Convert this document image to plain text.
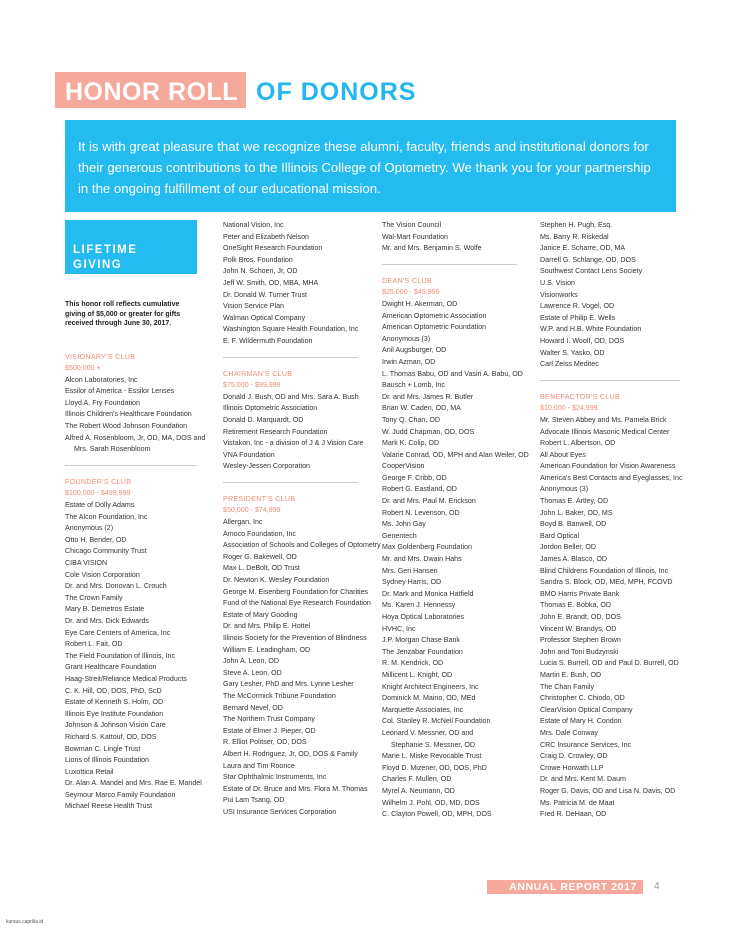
HONOR ROLL OF DONORS
It is with great pleasure that we recognize these alumni, faculty, friends and institutional donors for their generous contributions to the Illinois College of Optometry. We thank you for your partnership in the ongoing fulfillment of our educational mission.
LIFETIME
GIVING
This honor roll reflects cumulative giving of $5,000 or greater for gifts received through June 30, 2017.
VISIONARY'S CLUB
$500,000 +
Alcon Laboratories, Inc
Essilor of America - Essilor Lenses
Lloyd A. Fry Foundation
Illinois Children's Healthcare Foundation
The Robert Wood Johnson Foundation
Alfred A. Rosenbloom, Jr, OD, MA, DOS and
Mrs. Sarah Rosenbloom
FOUNDER'S CLUB
$100,000 - $499,999
Estate of Dolly Adams
The Alcon Foundation, Inc
Anonymous (2)
Otto H. Bender, OD
Chicago Community Trust
CIBA VISION
Cole Vision Corporation
Dr. and Mrs. Donovan L. Crouch
The Crown Family
Mary B. Demetros Estate
Dr. and Mrs. Dick Edwards
Eye Care Centers of America, Inc
Robert L. Fait, OD
The Field Foundation of Illinois, Inc
Grant Healthcare Foundation
Haag-Streit/Reliance Medical Products
C. K. Hill, OD, DOS, PhD, ScD
Estate of Kenneth S. Holm, OD
Illinois Eye Institute Foundation
Johnson & Johnson Vision Care
Richard S. Kattouf, OD, DOS
Bowman C. Lingle Trust
Lions of Illinois Foundation
Luxottica Retail
Dr. Alan A. Mandel and Mrs. Rae E. Mandel
Seymour Marco Family Foundation
Michael Reese Health Trust
National Vision, Inc
Peter and Elizabeth Nelson
OneSight Research Foundation
Polk Bros. Foundation
John N. Schoen, Jr, OD
Jeff W. Smith, OD, MBA, MHA
Dr. Donald W. Turner Trust
Vision Service Plan
Walman Optical Company
Washington Square Health Foundation, Inc
E. F. Wildermuth Foundation
CHAIRMAN'S CLUB
$75,000 - $99,999
Donald J. Bush, OD and Mrs. Sara A. Bush
Illinois Optometric Association
Donald D. Marquardt, OD
Retirement Research Foundation
Vistakon, Inc - a division of J & J Vision Care
VNA Foundation
Wesley-Jessen Corporation
PRESIDENT'S CLUB
$50,000 - $74,999
Allergan, Inc
Amoco Foundation, Inc
Association of Schools and Colleges of Optometry
Roger G. Bakewell, OD
Max L. DeBolt, OD Trust
Dr. Newton K. Wesley Foundation
George M. Eisenberg Foundation for Charities
Fund of the National Eye Research Foundation
Estate of Mary Gooding
Dr. and Mrs. Philip E. Hottel
Illinois Society for the Prevention of Blindness
William E. Leadingham, OD
John A. Leon, OD
Steve A. Leon, OD
Gary Lesher, PhD and Mrs. Lynne Lesher
The McCormick Tribune Foundation
Bernard Nevel, OD
The Northern Trust Company
Estate of Elmer J. Pieper, OD
R. Elliot Politser, OD, DOS
Albert H. Rodriguez, Jr, OD, DOS & Family
Laura and Tim Roonce
Star Ophthalmic Instruments, Inc
Estate of Dr. Bruce and Mrs. Flora M. Thomas
Pui Lam Tsang, OD
USI Insurance Services Corporation
The Vision Council
Wal-Mart Foundation
Mr. and Mrs. Benjamin S. Wolfe
DEAN'S CLUB
$25,000 - $49,999
Dwight H. Akerman, OD
American Optometric Association
American Optometric Foundation
Anonymous (3)
Anil Augsburger, OD
Irwin Azman, OD
L. Thomas Babu, OD and Vasiri A. Babu, OD
Bausch + Lomb, Inc
Dr. and Mrs. James R. Butler
Brian W. Caden, OD, MA
Tony Q. Chan, OD
W. Judd Chapman, OD, DOS
Mark K. Colip, OD
Valarie Conrad, OD, MPH and Alan Weiler, OD
CooperVision
George F. Cribb, OD
Robert G. Eastland, OD
Dr. and Mrs. Paul M. Erickson
Robert N. Levenson, OD
Ms. John Gay
Genentech
Max Goldenberg Foundation
Mr. and Mrs. Dwain Hahs
Mrs. Geri Hansen
Sydney Harris, OD
Dr. Mark and Monica Hatfield
Ms. Karen J. Hennessy
Hoya Optical Laboratories
HVHC, Inc
J.P. Morgan Chase Bank
The Jenzabar Foundation
R. M. Kendrick, OD
Millicent L. Knight, OD
Knight Architect Engineers, Inc
Dominick M. Maino, OD, MEd
Marquette Associates, Inc
Col. Stanley R. McNeil Foundation
Leonard V. Messner, OD and
Stephanie S. Messner, OD
Marie L. Miske Revocable Trust
Floyd D. Mizener, OD, DOS, PhD
Charles F. Mullen, OD
Myrel A. Neumann, OD
Wilhelm J. Pohl, OD, MD, DOS
C. Clayton Powell, OD, MPH, DOS
Stephen H. Pugh, Esq.
Ms. Barry R. Riskedal
Janice E. Scharre, OD, MA
Darrell G. Schlange, OD, DOS
Southwest Contact Lens Society
U.S. Vision
Visionworks
Lawrence R. Vogel, OD
Estate of Philip E. Wells
W.P. and H.B. White Foundation
Howard I. Woolf, OD, DOS
Walter S. Yasko, OD
Carl Zeiss Meditec
BENEFACTOR'S CLUB
$10,000 - $24,999
Mr. Steven Abbey and Ms. Pamela Brick
Advocate Illinois Masonic Medical Center
Robert L. Albertson, OD
All About Eyes
American Foundation for Vision Awareness
America's Best Contacts and Eyeglasses, Inc
Anonymous (3)
Thomas E. Artley, OD
John L. Baker, OD, MS
Boyd B. Banwell, OD
Bard Optical
Jordon Beller, OD
James A. Blasco, OD
Blind Childrens Foundation of Illinois, Inc
Sandra S. Block, OD, MEd, MPH, FCOVD
BMO Harris Private Bank
Thomas E. Bobka, OD
John E. Brandt, OD, DOS
Vincent W. Brandys, OD
Professor Stephen Brown
John and Toni Budzynski
Lucia S. Burrell, OD and Paul D. Burrell, OD
Martin E. Bush, OD
The Chan Family
Christopher C. Chiodo, OD
ClearVision Optical Company
Estate of Mary H. Condon
Mrs. Dale Conway
CRC Insurance Services, Inc
Craig D. Crowley, OD
Crowe Horwath LLP
Dr. and Mrs. Kent M. Daum
Roger G. Davis, OD and Lisa N. Davis, OD
Ms. Patricia M. de Maat
Fred R. DeHaan, OD
ANNUAL REPORT 2017	4
kursus.caprilia.id
